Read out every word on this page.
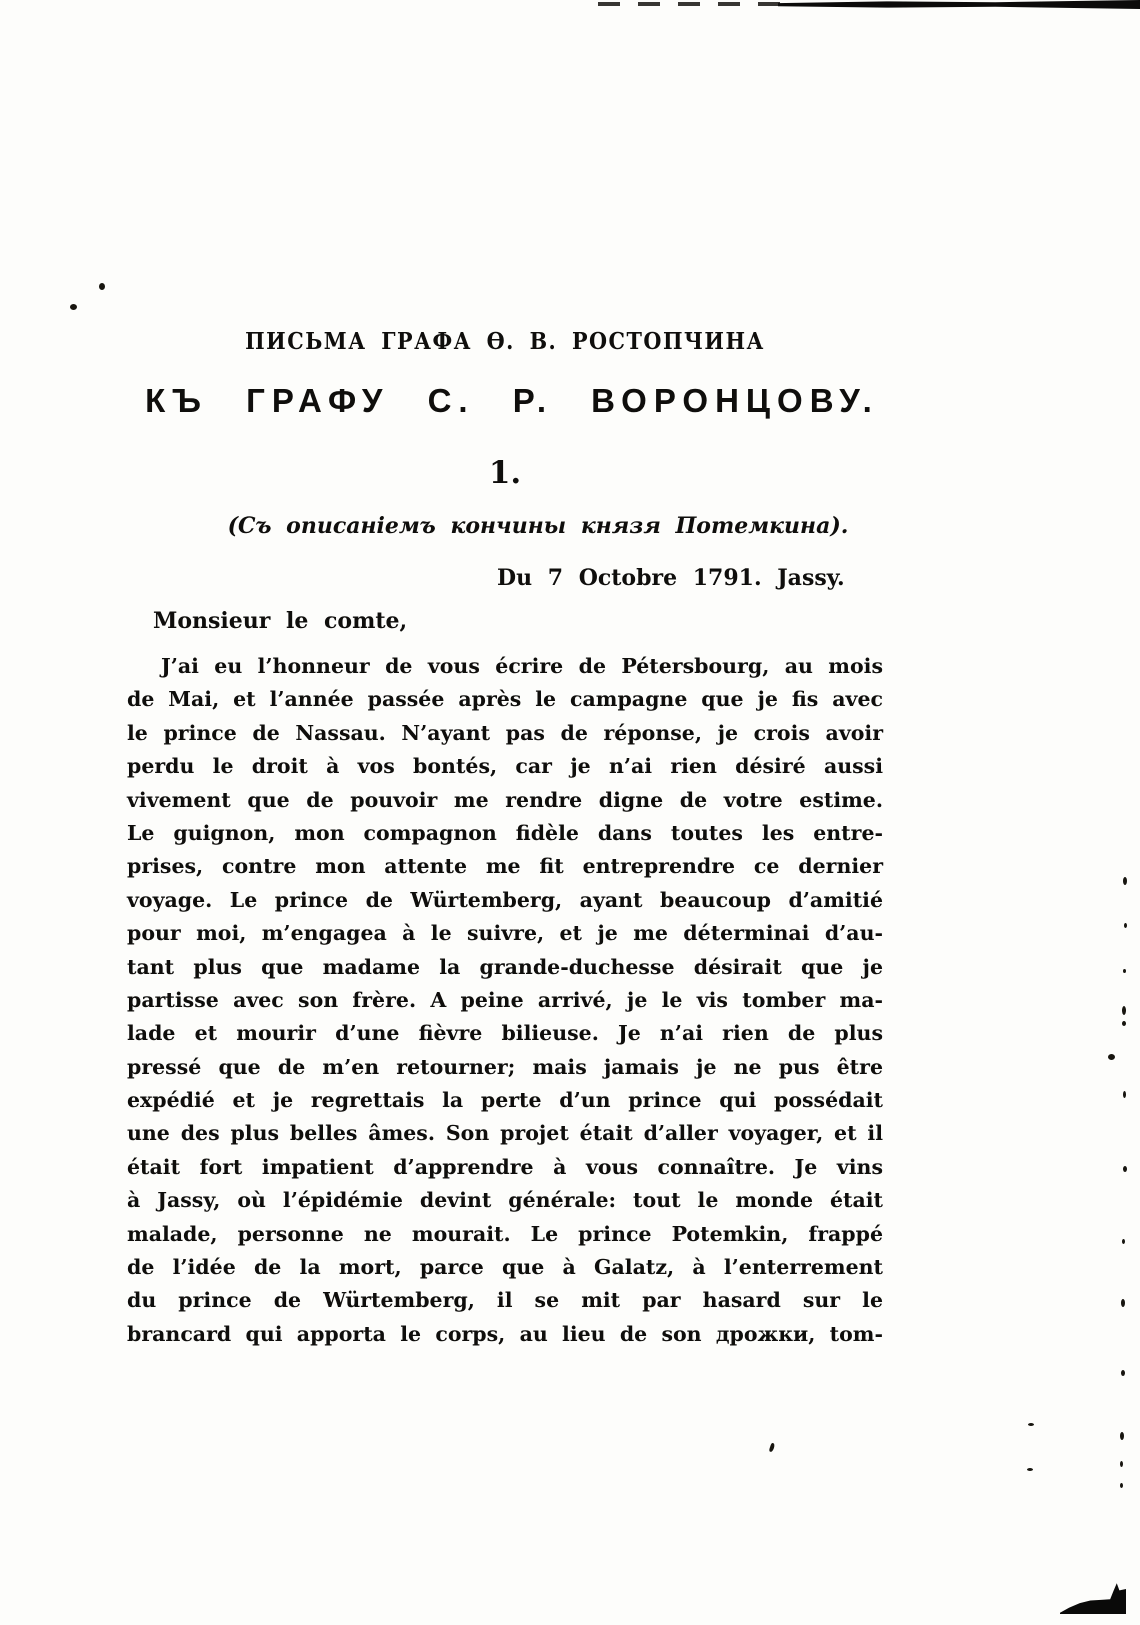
ПИСЬМА ГРАФА Ѳ. В. РОСТОПЧИНА
КЪ ГРАФУ С. Р. ВОРОНЦОВУ.
1.
(Съ описаніемъ кончины князя Потемкина).
Du 7 Octobre 1791. Jassy.
Monsieur le comte,
J’ai eu l’honneur de vous écrire de Pétersbourg, au mois
de Mai, et l’année passée après le campagne que je fis avec
le prince de Nassau. N’ayant pas de réponse, je crois avoir
perdu le droit à vos bontés, car je n’ai rien désiré aussi
vivement que de pouvoir me rendre digne de votre estime.
Le guignon, mon compagnon fidèle dans toutes les entre-
prises, contre mon attente me fit entreprendre ce dernier
voyage. Le prince de Würtemberg, ayant beaucoup d’amitié
pour moi, m’engagea à le suivre, et je me déterminai d’au-
tant plus que madame la grande-duchesse désirait que je
partisse avec son frère. A peine arrivé, je le vis tomber ma-
lade et mourir d’une fièvre bilieuse. Je n’ai rien de plus
pressé que de m’en retourner; mais jamais je ne pus être
expédié et je regrettais la perte d’un prince qui possédait
une des plus belles âmes. Son projet était d’aller voyager, et il
était fort impatient d’apprendre à vous connaître. Je vins
à Jassy, où l’épidémie devint générale: tout le monde était
malade, personne ne mourait. Le prince Potemkin, frappé
de l’idée de la mort, parce que à Galatz, à l’enterrement
du prince de Würtemberg, il se mit par hasard sur le
brancard qui apporta le corps, au lieu de son дрожки, tom-
